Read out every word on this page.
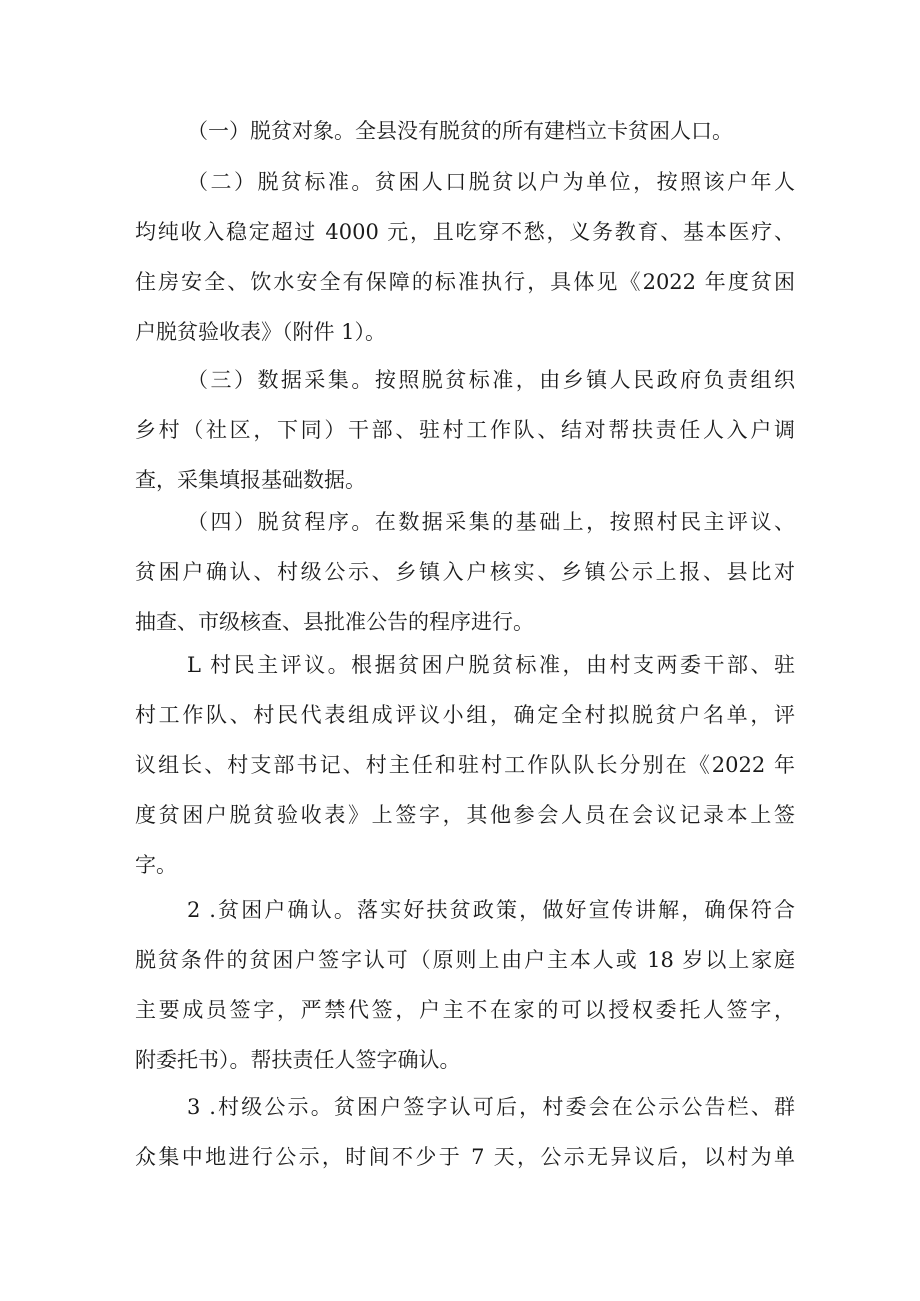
（一）脱贫对象。全县没有脱贫的所有建档立卡贫困人口。
（二）脱贫标准。贫困人口脱贫以户为单位，按照该户年人
均纯收入稳定超过 4000 元，且吃穿不愁，义务教育、基本医疗、
住房安全、饮水安全有保障的标准执行，具体见《2022 年度贫困
户脱贫验收表》（附件 1）。
（三）数据采集。按照脱贫标准，由乡镇人民政府负责组织
乡村（社区，下同）干部、驻村工作队、结对帮扶责任人入户调
查，采集填报基础数据。
（四）脱贫程序。在数据采集的基础上，按照村民主评议、
贫困户确认、村级公示、乡镇入户核实、乡镇公示上报、县比对
抽查、市级核查、县批准公告的程序进行。
L 村民主评议。根据贫困户脱贫标准，由村支两委干部、驻
村工作队、村民代表组成评议小组，确定全村拟脱贫户名单，评
议组长、村支部书记、村主任和驻村工作队队长分别在《2022 年
度贫困户脱贫验收表》上签字，其他参会人员在会议记录本上签
字。
2 .贫困户确认。落实好扶贫政策，做好宣传讲解，确保符合
脱贫条件的贫困户签字认可（原则上由户主本人或 18 岁以上家庭
主要成员签字，严禁代签，户主不在家的可以授权委托人签字，
附委托书）。帮扶责任人签字确认。
3 .村级公示。贫困户签字认可后，村委会在公示公告栏、群
众集中地进行公示，时间不少于 7 天，公示无异议后，以村为单
